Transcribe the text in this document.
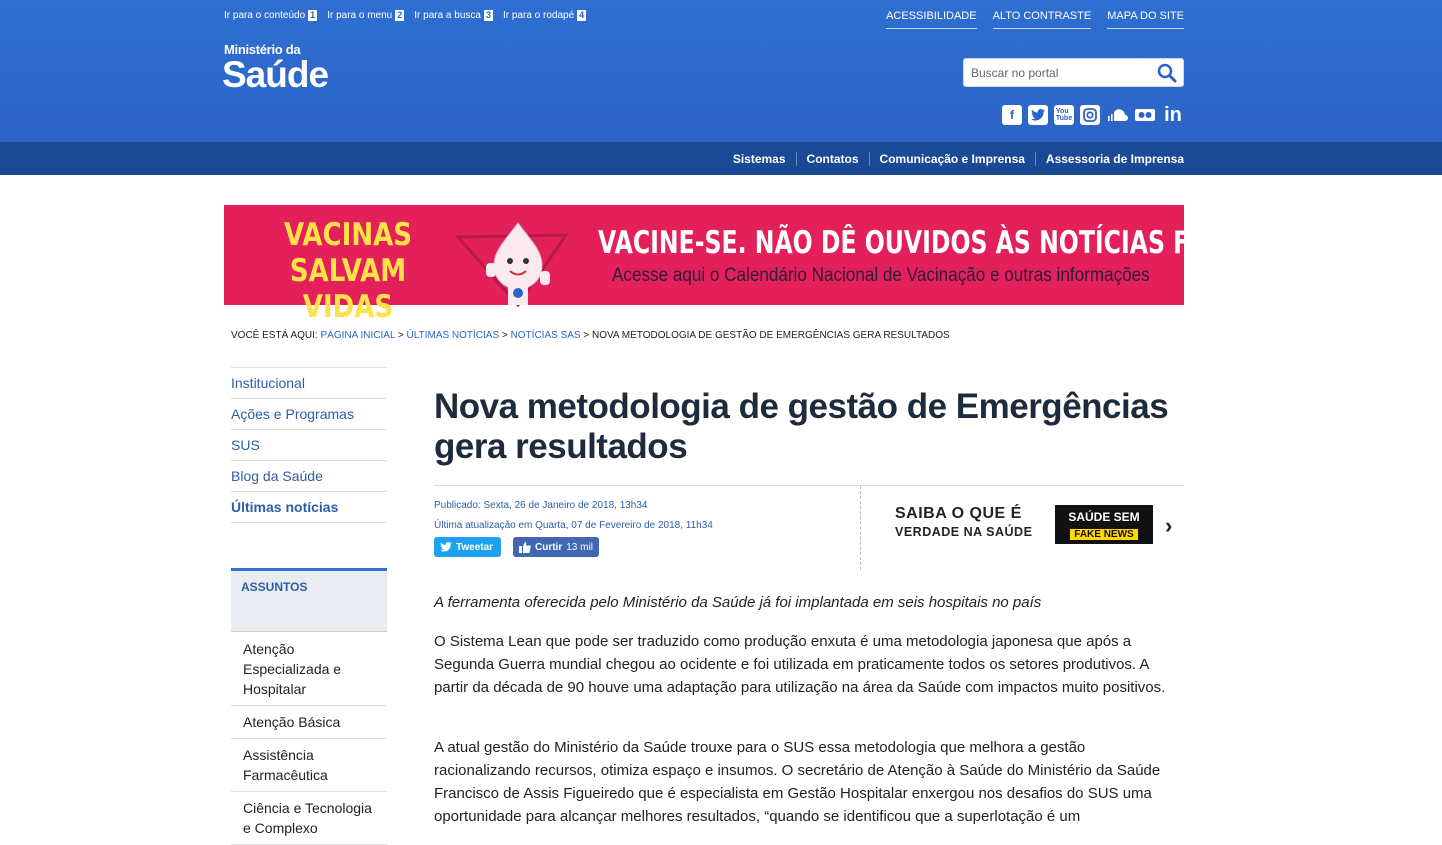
Ir para o conteúdo 1 Ir para o menu 2 Ir para a busca 3 Ir para o rodapé 4	ACESSIBILIDADE ALTO CONTRASTE MAPA DO SITE
Ministério da
Saúde
Buscar no portal
f	You
Tube	in
Sistemas	Contatos	Comunicação e Imprensa	Assessoria de Imprensa
VACINAS
SALVAM VIDAS
VACINE-SE. NÃO DÊ OUVIDOS ÀS NOTÍCIAS FALSAS
Acesse aqui o Calendário Nacional de Vacinação e outras informações
VOCÊ ESTÁ AQUI: PÁGINA INICIAL > ÚLTIMAS NOTÍCIAS > NOTÍCIAS SAS > NOVA METODOLOGIA DE GESTÃO DE EMERGÊNCIAS GERA RESULTADOS
Institucional
Ações e Programas
SUS
Blog da Saúde
Últimas notícias
ASSUNTOS
Atenção Especializada e Hospitalar
Atenção Básica
Assistência Farmacêutica
Ciência e Tecnologia e Complexo
Nova metodologia de gestão de Emergências gera resultados
Publicado: Sexta, 26 de Janeiro de 2018, 13h34
Última atualização em Quarta, 07 de Fevereiro de 2018, 11h34
Tweetar	Curtir 13 mil
SAIBA O QUE É
VERDADE NA SAÚDE
SAÚDE SEM
FAKE NEWS	›

A ferramenta oferecida pelo Ministério da Saúde já foi implantada em seis hospitais no país

O Sistema Lean que pode ser traduzido como produção enxuta é uma metodologia japonesa que após a Segunda Guerra mundial chegou ao ocidente e foi utilizada em praticamente todos os setores produtivos. A partir da década de 90 houve uma adaptação para utilização na área da Saúde com impactos muito positivos.

A atual gestão do Ministério da Saúde trouxe para o SUS essa metodologia que melhora a gestão racionalizando recursos, otimiza espaço e insumos. O secretário de Atenção à Saúde do Ministério da Saúde Francisco de Assis Figueiredo que é especialista em Gestão Hospitalar enxergou nos desafios do SUS uma oportunidade para alcançar melhores resultados, “quando se identificou que a superlotação é um
